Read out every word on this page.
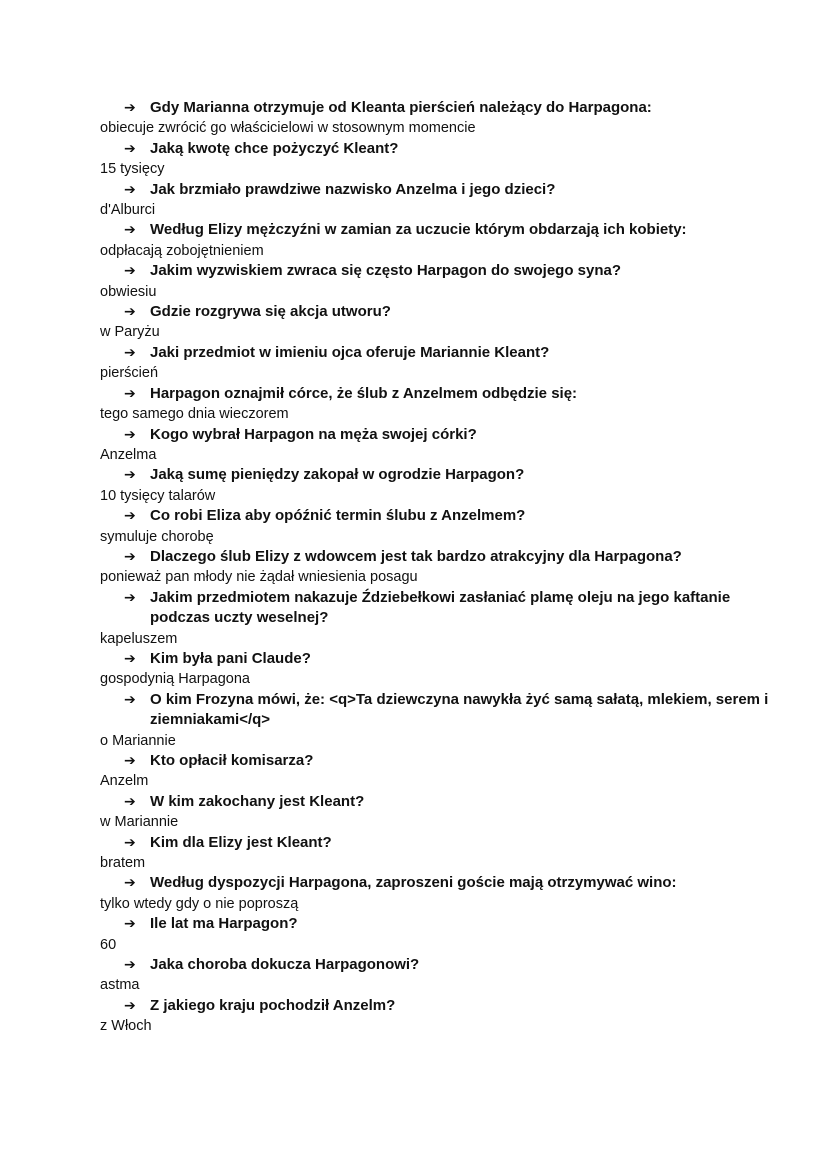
➔ Gdy Marianna otrzymuje od Kleanta pierścień należący do Harpagona:
obiecuje zwrócić go właścicielowi w stosownym momencie
➔ Jaką kwotę chce pożyczyć Kleant?
15 tysięcy
➔ Jak brzmiało prawdziwe nazwisko Anzelma i jego dzieci?
d'Alburci
➔ Według Elizy mężczyźni w zamian za uczucie którym obdarzają ich kobiety:
odpłacają zobojętnieniem
➔ Jakim wyzwiskiem zwraca się często Harpagon do swojego syna?
obwiesiu
➔ Gdzie rozgrywa się akcja utworu?
w Paryżu
➔ Jaki przedmiot w imieniu ojca oferuje Mariannie Kleant?
pierścień
➔ Harpagon oznajmił córce, że ślub z Anzelmem odbędzie się:
tego samego dnia wieczorem
➔ Kogo wybrał Harpagon na męża swojej córki?
Anzelma
➔ Jaką sumę pieniędzy zakopał w ogrodzie Harpagon?
10 tysięcy talarów
➔ Co robi Eliza aby opóźnić termin ślubu z Anzelmem?
symuluje chorobę
➔ Dlaczego ślub Elizy z wdowcem jest tak bardzo atrakcyjny dla Harpagona?
ponieważ pan młody nie żądał wniesienia posagu
➔ Jakim przedmiotem nakazuje Ździebełkowi zasłaniać plamę oleju na jego kaftanie podczas uczty weselnej?
kapeluszem
➔ Kim była pani Claude?
gospodynią Harpagona
➔ O kim Frozyna mówi, że: <q>Ta dziewczyna nawykła żyć samą sałatą, mlekiem, serem i ziemniakami</q>
o Mariannie
➔ Kto opłacił komisarza?
Anzelm
➔ W kim zakochany jest Kleant?
w Mariannie
➔ Kim dla Elizy jest Kleant?
bratem
➔ Według dyspozycji Harpagona, zaproszeni goście mają otrzymywać wino:
tylko wtedy gdy o nie poproszą
➔ Ile lat ma Harpagon?
60
➔ Jaka choroba dokucza Harpagonowi?
astma
➔ Z jakiego kraju pochodził Anzelm?
z Włoch
